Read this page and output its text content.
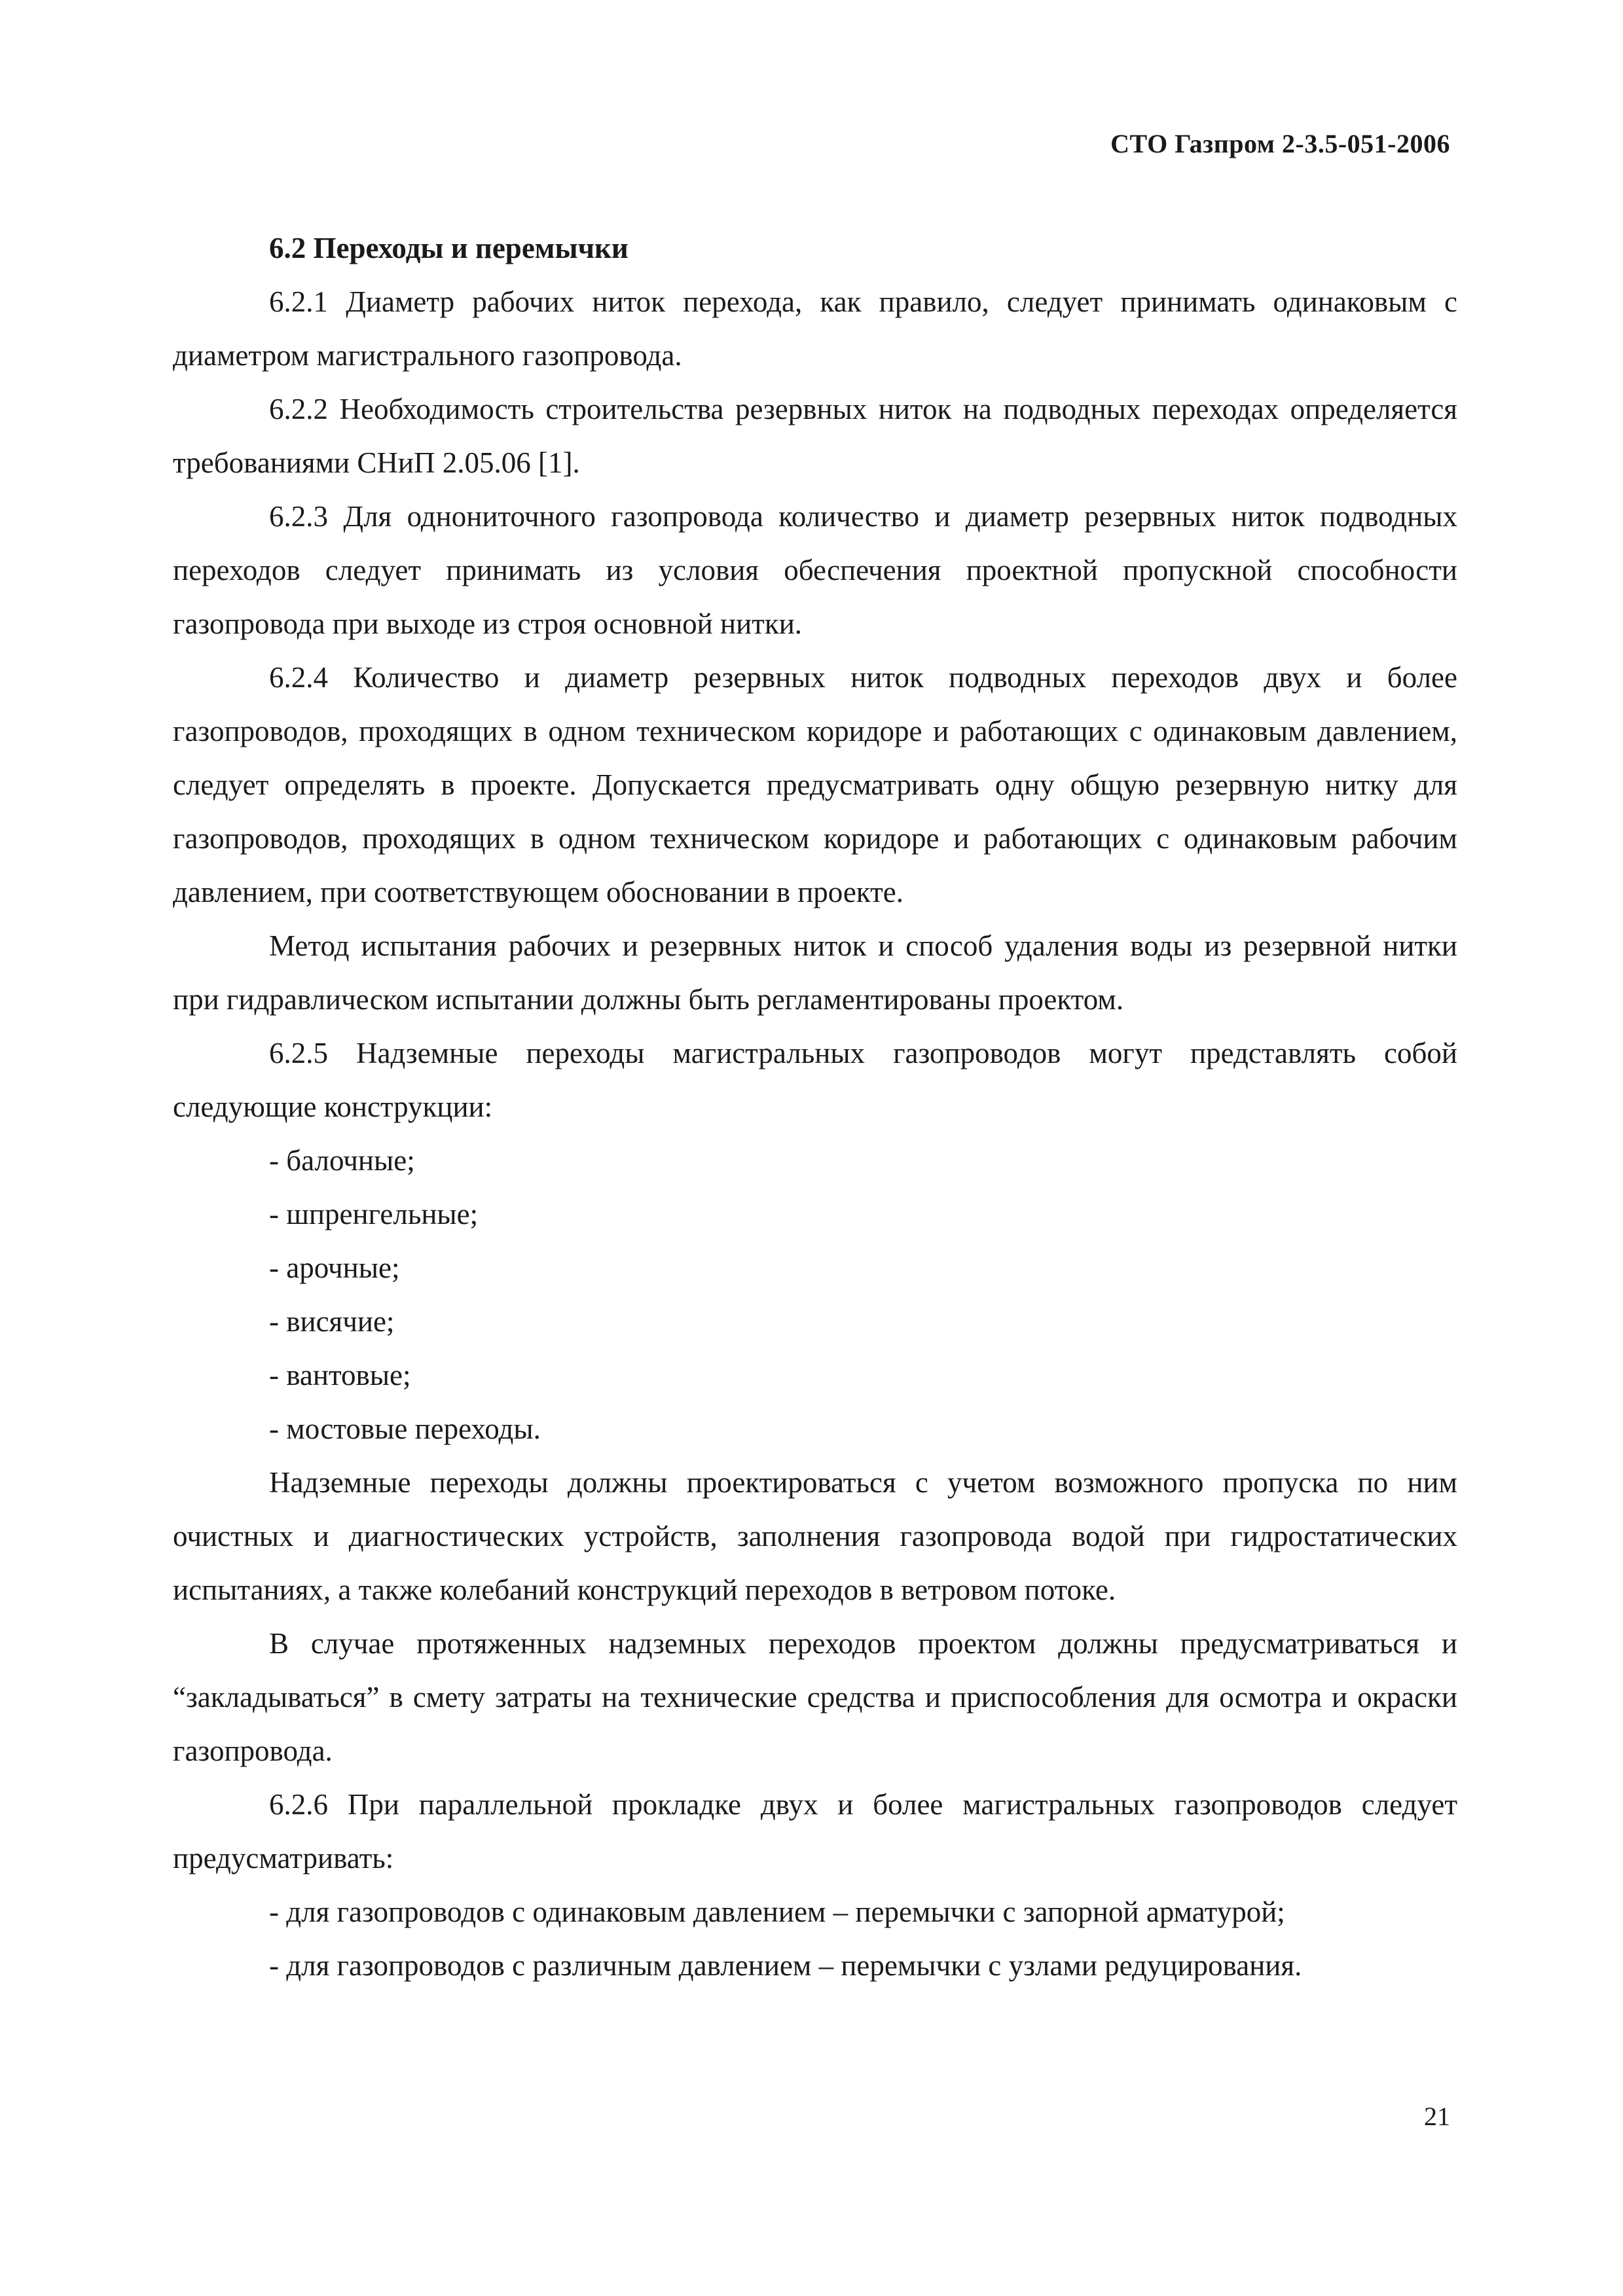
СТО Газпром 2-3.5-051-2006

6.2 Переходы и перемычки

6.2.1 Диаметр рабочих ниток перехода, как правило, следует принимать одинаковым с диаметром магистрального газопровода.

6.2.2 Необходимость строительства резервных ниток на подводных переходах определяется требованиями СНиП 2.05.06 [1].

6.2.3 Для однониточного газопровода количество и диаметр резервных ниток подводных переходов следует принимать из условия обеспечения проектной пропускной способности газопровода при выходе из строя основной нитки.

6.2.4 Количество и диаметр резервных ниток подводных переходов двух и более газопроводов, проходящих в одном техническом коридоре и работающих с одинаковым давлением, следует определять в проекте. Допускается предусматривать одну общую резервную нитку для газопроводов, проходящих в одном техническом коридоре и работающих с одинаковым рабочим давлением, при соответствующем обосновании в проекте.

Метод испытания рабочих и резервных ниток и способ удаления воды из резервной нитки при гидравлическом испытании должны быть регламентированы проектом.

6.2.5 Надземные переходы магистральных газопроводов могут представлять собой следующие конструкции:

- балочные;

- шпренгельные;

- арочные;

- висячие;

- вантовые;

- мостовые переходы.

Надземные переходы должны проектироваться с учетом возможного пропуска по ним очистных и диагностических устройств, заполнения газопровода водой при гидростатических испытаниях, а также колебаний конструкций переходов в ветровом потоке.

В случае протяженных надземных переходов проектом должны предусматриваться и “закладываться” в смету затраты на технические средства и приспособления для осмотра и окраски газопровода.

6.2.6 При параллельной прокладке двух и более магистральных газопроводов следует предусматривать:

- для газопроводов с одинаковым давлением – перемычки с запорной арматурой;

- для газопроводов с различным давлением – перемычки с узлами редуцирования.

21
